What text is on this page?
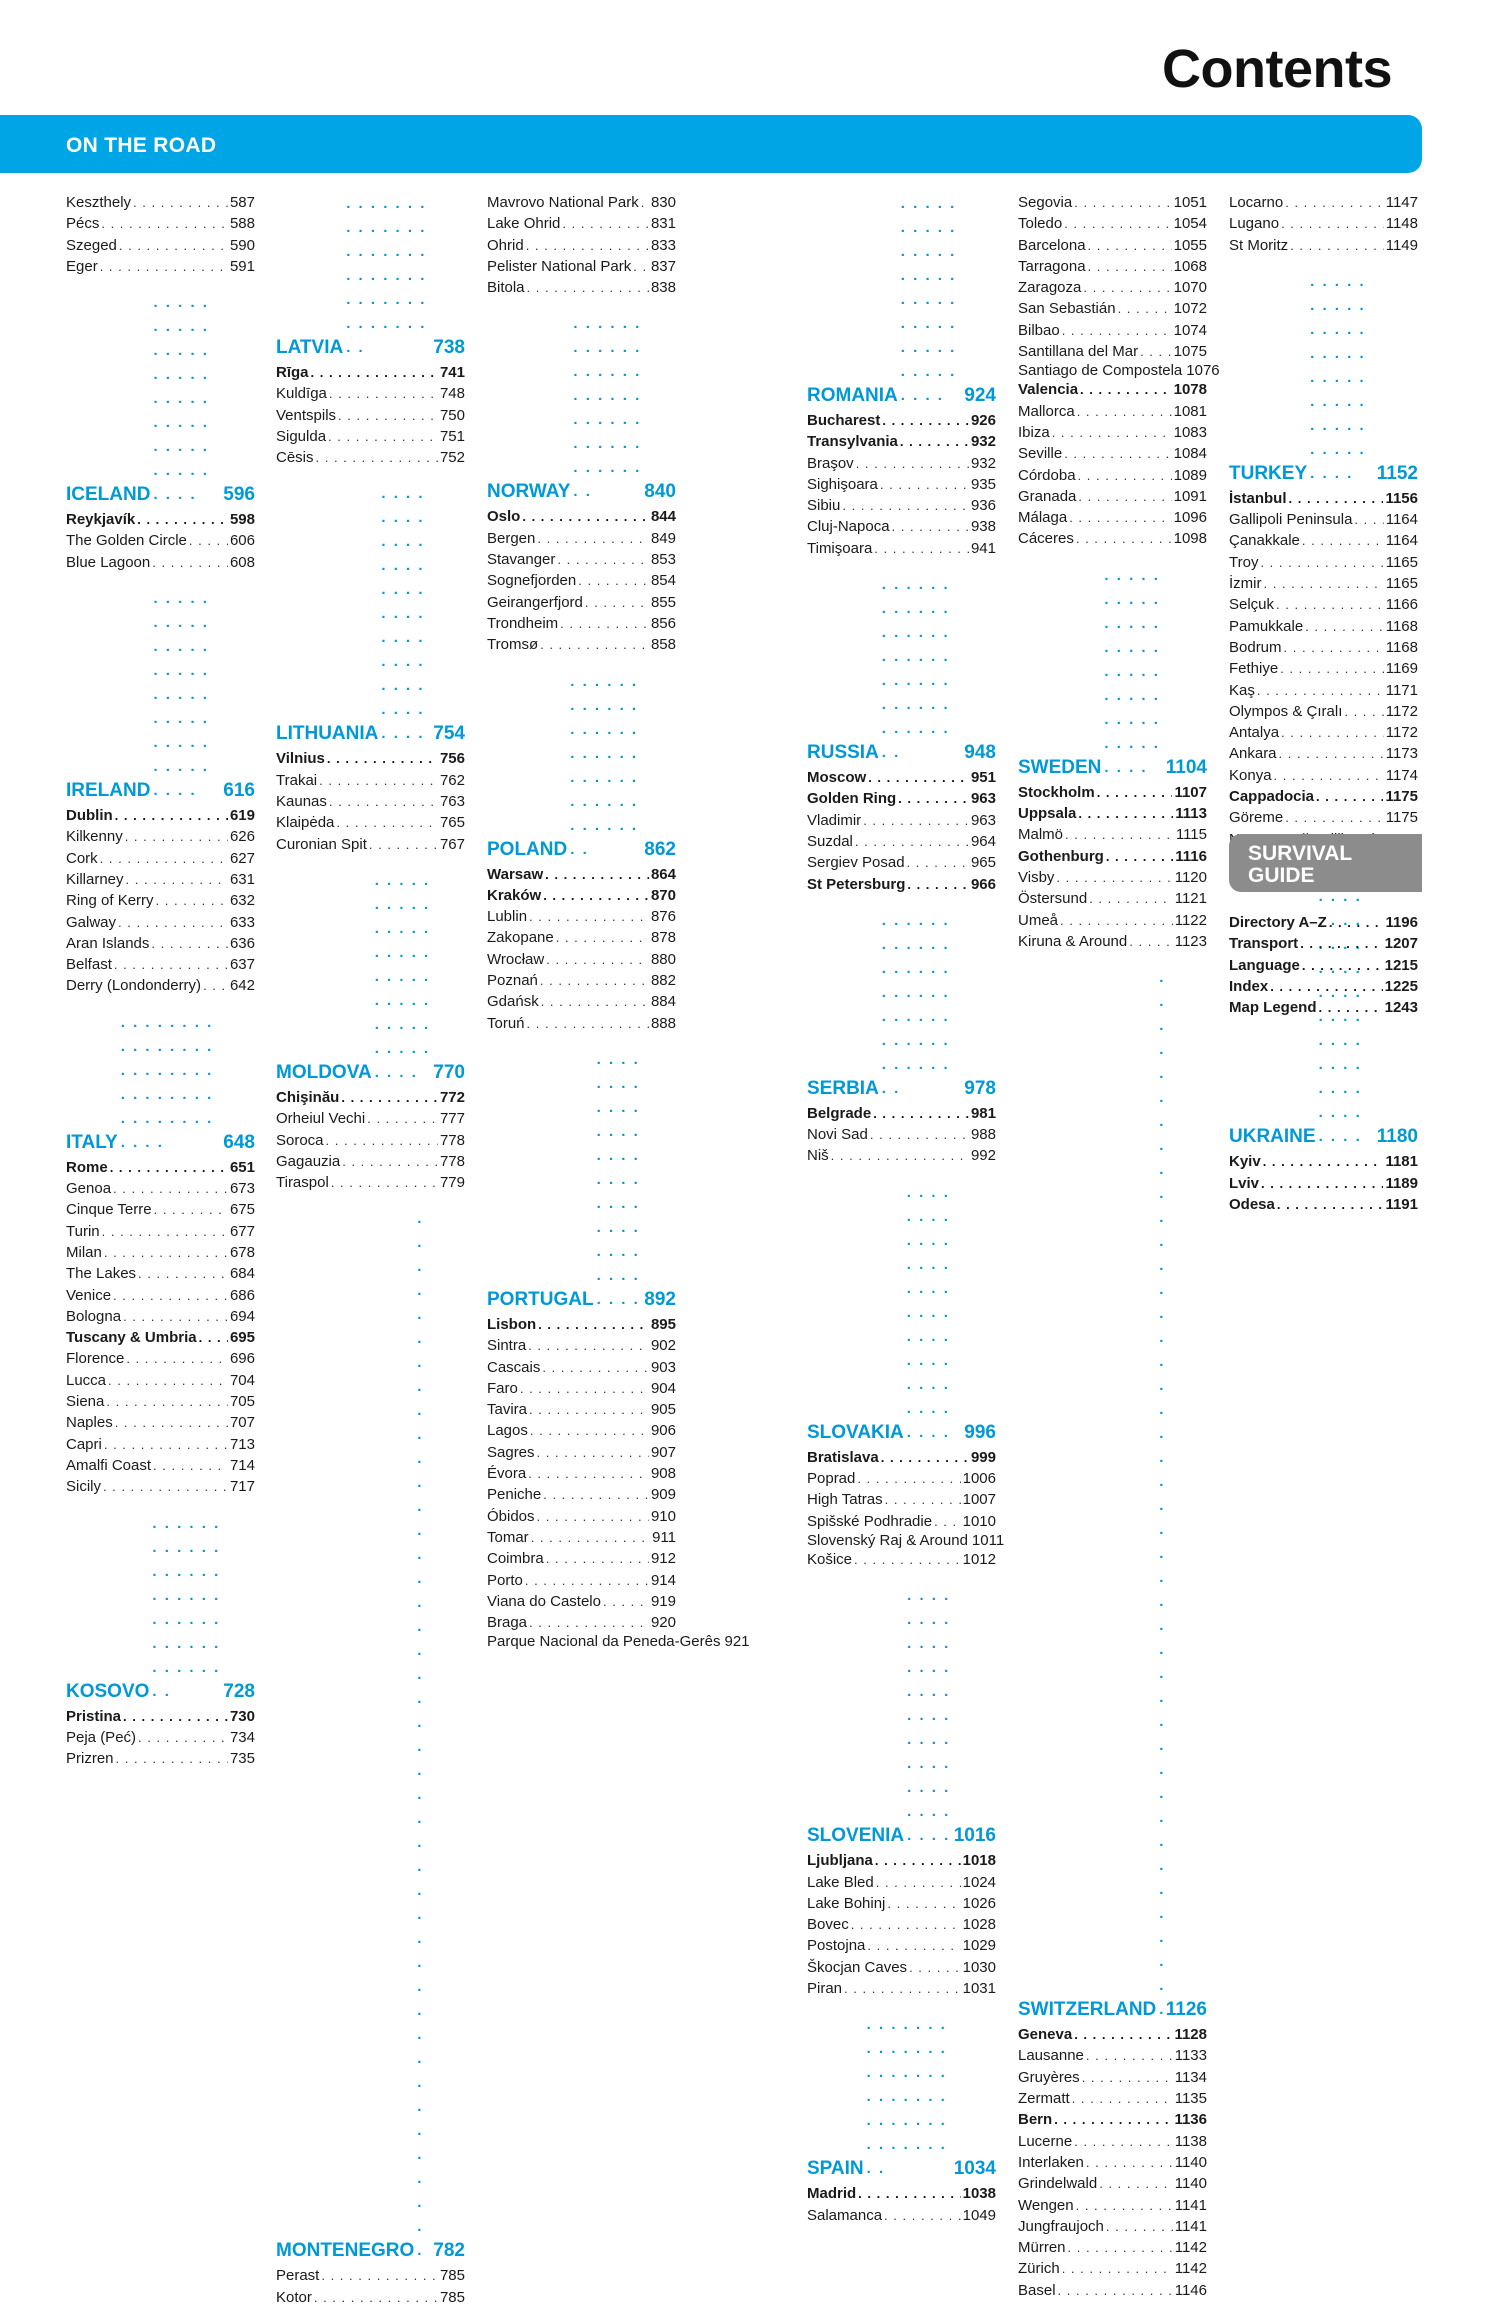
Contents
ON THE ROAD
Keszthely . . .	587
Pécs . . .	588
Szeged . . .	590
Eger . . .	591
ICELAND . . .	596
Reykjavík . . .	598
The Golden Circle . . .	606
Blue Lagoon . . .	608
IRELAND . . .	616
Dublin . . .	619
Kilkenny . . .	626
Cork . . .	627
Killarney . . .	631
Ring of Kerry . . .	632
Galway . . .	633
Aran Islands . . .	636
Belfast . . .	637
Derry (Londonderry) . . . 642
ITALY . . .	648
Rome . . .	651
Genoa . . .	673
Cinque Terre . . .	675
Turin . . .	677
Milan . . .	678
The Lakes . . .	684
Venice . . .	686
Bologna . . .	694
Tuscany & Umbria . . . 695
Florence . . .	696
Lucca . . .	704
Siena . . .	705
Naples . . .	707
Capri . . .	713
Amalfi Coast . . .	714
Sicily . . .	717
KOSOVO . . .	728
Pristina . . .	730
Peja (Peć) . . .	734
Prizren . . .	735
LATVIA . . .	738
Rīga . . .	741
Kuldīga . . .	748
Ventspils . . .	750
Sigulda . . .	751
Cēsis . . .	752
LITHUANIA . . .	754
Vilnius . . .	756
Trakai . . .	762
Kaunas . . .	763
Klaipėda . . .	765
Curonian Spit . . .	767
MOLDOVA . . .	770
Chişinău . . .	772
Orheiul Vechi . . .	777
Soroca . . .	778
Gagauzia . . .	778
Tiraspol . . .	779
MONTENEGRO . . . 782
Perast . . .	785
Kotor . . .	785
Mavrovo National Park . . . 830
Lake Ohrid . . .	831
Ohrid . . .	833
Pelister National Park . . . 837
Bitola . . .	838
NORWAY . . .	840
Oslo . . .	844
Bergen . . .	849
Stavanger . . .	853
Sognefjorden . . .	854
Geirangerfjord . . .	855
Trondheim . . .	856
Tromsø . . .	858
POLAND . . .	862
Warsaw . . .	864
Kraków . . .	870
Lublin . . .	876
Zakopane . . .	878
Wrocław . . .	880
Poznań . . .	882
Gdańsk . . .	884
Toruń . . .	888
PORTUGAL . . .	892
Lisbon . . .	895
Sintra . . .	902
Cascais . . .	903
Faro . . .	904
Tavira . . .	905
Lagos . . .	906
Sagres . . .	907
Évora . . .	908
Peniche . . .	909
Óbidos . . .	910
Tomar . . .	911
Coimbra . . .	912
Porto . . .	914
Viana do Castelo . . .	919
Braga . . .	920
Parque Nacional da Peneda-Gerês 921
ROMANIA . . .	924
Bucharest . . .	926
Transylvania . . .	932
Braşov . . .	932
Sighişoara . . .	935
Sibiu . . .	936
Cluj-Napoca . . .	938
Timişoara . . .	941
RUSSIA . . .	948
Moscow . . .	951
Golden Ring . . .	963
Vladimir . . .	963
Suzdal . . .	964
Sergiev Posad . . .	965
St Petersburg . . .	966
SERBIA . . .	978
Belgrade . . .	981
Novi Sad . . .	988
Niš . . .	992
SLOVAKIA . . .	996
Bratislava . . .	999
Poprad . . .	1006
High Tatras . . .	1007
Spišské Podhradie . . . 1010
Slovenský Raj & Around 1011
Košice . . .	1012
SLOVENIA . . .	1016
Ljubljana . . .	1018
Lake Bled . . .	1024
Lake Bohinj . . .	1026
Bovec . . .	1028
Postojna . . .	1029
Škocjan Caves . . .	1030
Piran . . .	1031
SPAIN . . .	1034
Madrid . . .	1038
Salamanca . . .	1049
Segovia . . .	1051
Toledo . . .	1054
Barcelona . . .	1055
Tarragona . . .	1068
Zaragoza . . .	1070
San Sebastián . . .	1072
Bilbao . . .	1074
Santillana del Mar . . . 1075
Santiago de Compostela 1076
Valencia . . .	1078
Mallorca . . .	1081
Ibiza . . .	1083
Seville . . .	1084
Córdoba . . .	1089
Granada . . .	1091
Málaga . . .	1096
Cáceres . . .	1098
SWEDEN . . .	1104
Stockholm . . .	1107
Uppsala . . .	1113
Malmö . . .	1115
Gothenburg . . .	1116
Visby . . .	1120
Östersund . . .	1121
Umeå . . .	1122
Kiruna & Around . . .	1123
SWITZERLAND . . . 1126
Geneva . . .	1128
Lausanne . . .	1133
Gruyères . . .	1134
Zermatt . . .	1135
Bern . . .	1136
Lucerne . . .	1138
Interlaken . . .	1140
Grindelwald . . .	1140
Wengen . . .	1141
Jungfraujoch . . .	1141
Mürren . . .	1142
Zürich . . .	1142
Basel . . .	1146
Locarno . . .	1147
Lugano . . .	1148
St Moritz . . .	1149
TURKEY . . .	1152
İstanbul . . .	1156
Gallipoli Peninsula . . . 1164
Çanakkale . . .	1164
Troy . . .	1165
İzmir . . .	1165
Selçuk . . .	1166
Pamukkale . . .	1168
Bodrum . . .	1168
Fethiye . . .	1169
Kaş . . .	1171
Olympos & Çıralı . . .	1172
Antalya . . .	1172
Ankara . . .	1173
Konya . . .	1174
Cappadocia . . .	1175
Göreme . . .	1175
. . .
UKRAINE . . .	1180
Kyiv . . .	1181
Lviv . . .	1189
Odesa . . .	1191
SURVIVAL GUIDE
Directory A–Z . . .	1196
Transport . . .	1207
Language . . .	1215
Index . . .	1225
Map Legend . . .	1243
